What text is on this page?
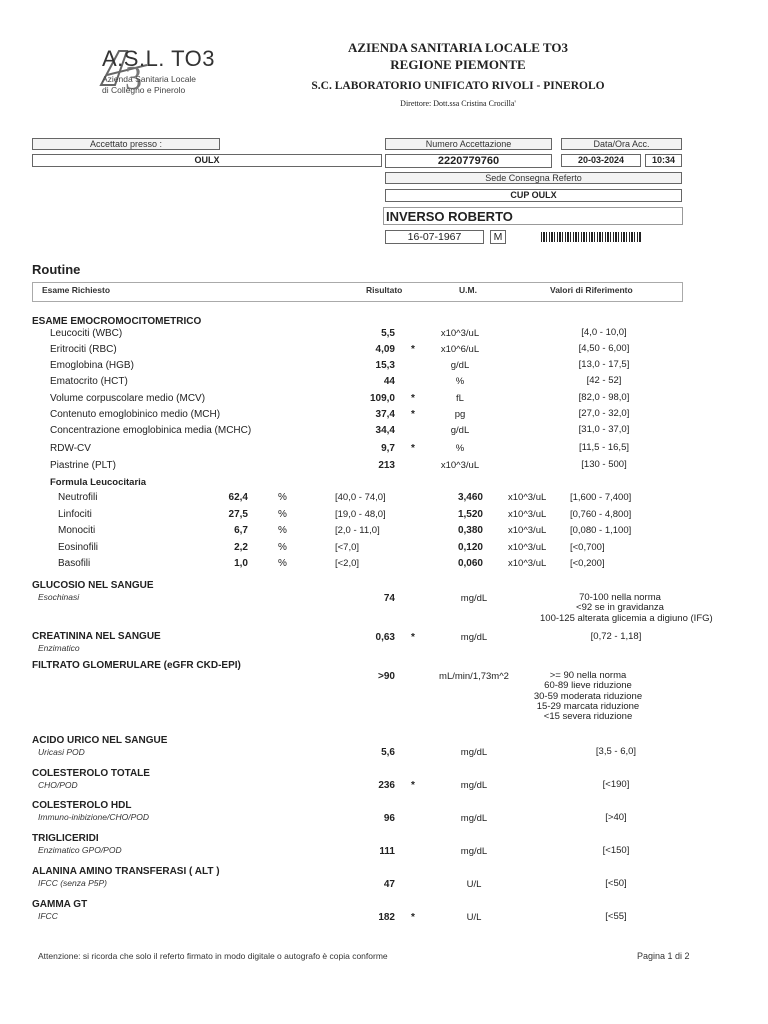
3
A.S.L. TO3
Azienda Sanitaria Locale
di Collegno e Pinerolo
AZIENDA SANITARIA LOCALE TO3
REGIONE PIEMONTE
S.C. LABORATORIO UNIFICATO RIVOLI - PINEROLO
Direttore: Dott.ssa Cristina Crocilla'
Accettato presso :
OULX
Numero Accettazione
2220779760
Data/Ora Acc.
20-03-2024	10:34
Sede Consegna Referto
CUP OULX
INVERSO ROBERTO
16-07-1967	M
Routine
Esame Richiesto	Risultato	U.M.	Valori di Riferimento
ESAME EMOCROMOCITOMETRICO
Formula Leucocitaria
Attenzione: si ricorda che solo il referto firmato in modo digitale o autografo è copia conforme	Pagina 1 di 2
Leucociti (WBC)	5,5	x10^3/uL	[4,0 - 10,0]
Eritrociti (RBC)	4,09 *	x10^6/uL	[4,50 - 6,00]
Emoglobina (HGB)	15,3	g/dL	[13,0 - 17,5]
Ematocrito (HCT)	44	%	[42 - 52]
Volume corpuscolare medio (MCV)	109,0 *	fL	[82,0 - 98,0]
Contenuto emoglobinico medio (MCH)	37,4 *	pg	[27,0 - 32,0]
Concentrazione emoglobinica media (MCHC)	34,4	g/dL	[31,0 - 37,0]
RDW-CV	9,7 *	%	[11,5 - 16,5]
Piastrine (PLT)	213	x10^3/uL	[130 - 500]
Neutrofili	62,4	%	[40,0 - 74,0]	3,460	x10^3/uL [1,600 - 7,400]
Linfociti	27,5	%	[19,0 - 48,0]	1,520	x10^3/uL [0,760 - 4,800]
Monociti	6,7	%	[2,0 - 11,0]	0,380	x10^3/uL [0,080 - 1,100]
Eosinofili	2,2	%	[<7,0]	0,120	x10^3/uL [<0,700]
Basofili	1,0	%	[<2,0]	0,060	x10^3/uL [<0,200]
GLUCOSIO NEL SANGUE
Esochinasi	74	mg/dL	70-100 nella norma
<92 se in gravidanza
100-125 alterata glicemia a digiuno (IFG)
CREATININA NEL SANGUE
Enzimatico
0,63 *	mg/dL	[0,72 - 1,18]
FILTRATO GLOMERULARE (eGFR CKD-EPI)
>90	mL/min/1,73m^2	>= 90 nella norma
60-89 lieve riduzione
30-59 moderata riduzione
15-29 marcata riduzione
<15 severa riduzione
ACIDO URICO NEL SANGUE
Uricasi POD	5,6	mg/dL	[3,5 - 6,0]
COLESTEROLO TOTALE
CHO/POD	236 *	mg/dL	[<190]
COLESTEROLO HDL
Immuno-inibizione/CHO/POD	96	mg/dL	[>40]
TRIGLICERIDI
Enzimatico GPO/POD	111	mg/dL	[<150]
ALANINA AMINO TRANSFERASI ( ALT )
IFCC (senza P5P)	47	U/L	[<50]
GAMMA GT
IFCC	182 *	U/L	[<55]
